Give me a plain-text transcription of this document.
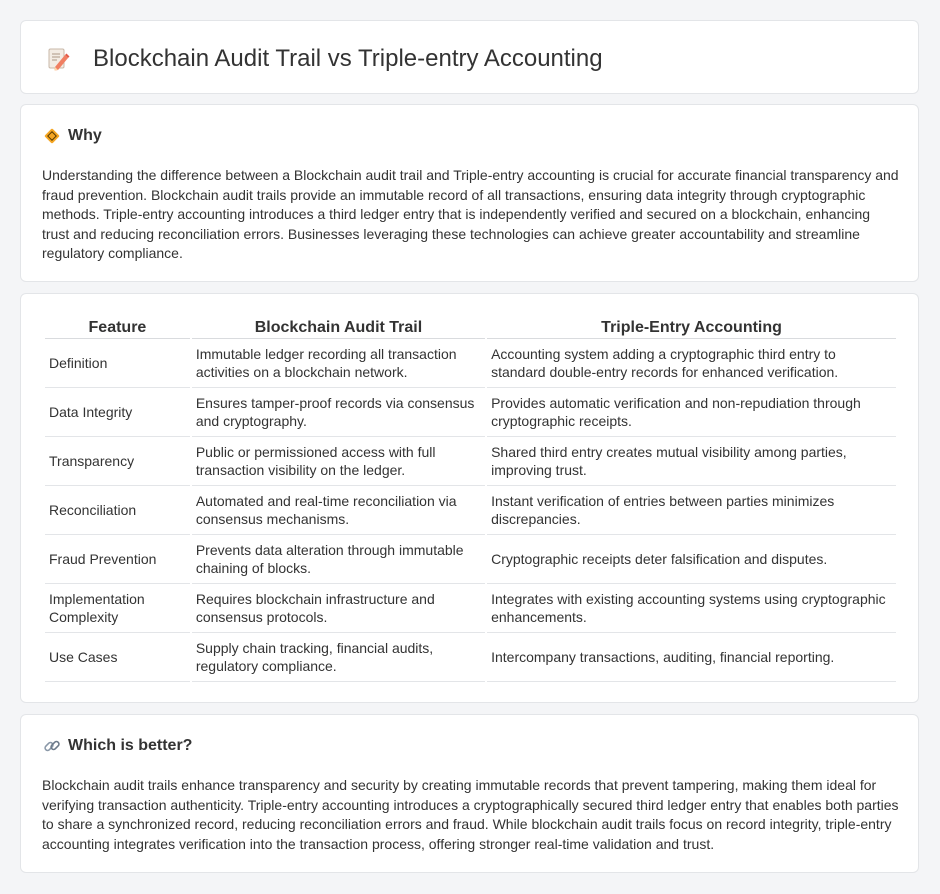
Blockchain Audit Trail vs Triple-entry Accounting
Why

Understanding the difference between a Blockchain audit trail and Triple-entry accounting is crucial for accurate financial transparency and fraud prevention. Blockchain audit trails provide an immutable record of all transactions, ensuring data integrity through cryptographic methods. Triple-entry accounting introduces a third ledger entry that is independently verified and secured on a blockchain, enhancing trust and reducing reconciliation errors. Businesses leveraging these technologies can achieve greater accountability and streamline regulatory compliance.

Feature	Blockchain Audit Trail	Triple-Entry Accounting
Definition	Immutable ledger recording all transaction activities on a blockchain network.	Accounting system adding a cryptographic third entry to standard double-entry records for enhanced verification.
Data Integrity	Ensures tamper-proof records via consensus and cryptography.	Provides automatic verification and non-repudiation through cryptographic receipts.
Transparency	Public or permissioned access with full transaction visibility on the ledger.	Shared third entry creates mutual visibility among parties, improving trust.
Reconciliation	Automated and real-time reconciliation via consensus mechanisms.	Instant verification of entries between parties minimizes discrepancies.
Fraud Prevention	Prevents data alteration through immutable chaining of blocks.	Cryptographic receipts deter falsification and disputes.
Implementation Complexity	Requires blockchain infrastructure and consensus protocols.	Integrates with existing accounting systems using cryptographic enhancements.
Use Cases	Supply chain tracking, financial audits, regulatory compliance.	Intercompany transactions, auditing, financial reporting.
Which is better?

Blockchain audit trails enhance transparency and security by creating immutable records that prevent tampering, making them ideal for verifying transaction authenticity. Triple-entry accounting introduces a cryptographically secured third ledger entry that enables both parties to share a synchronized record, reducing reconciliation errors and fraud. While blockchain audit trails focus on record integrity, triple-entry accounting integrates verification into the transaction process, offering stronger real-time validation and trust.
